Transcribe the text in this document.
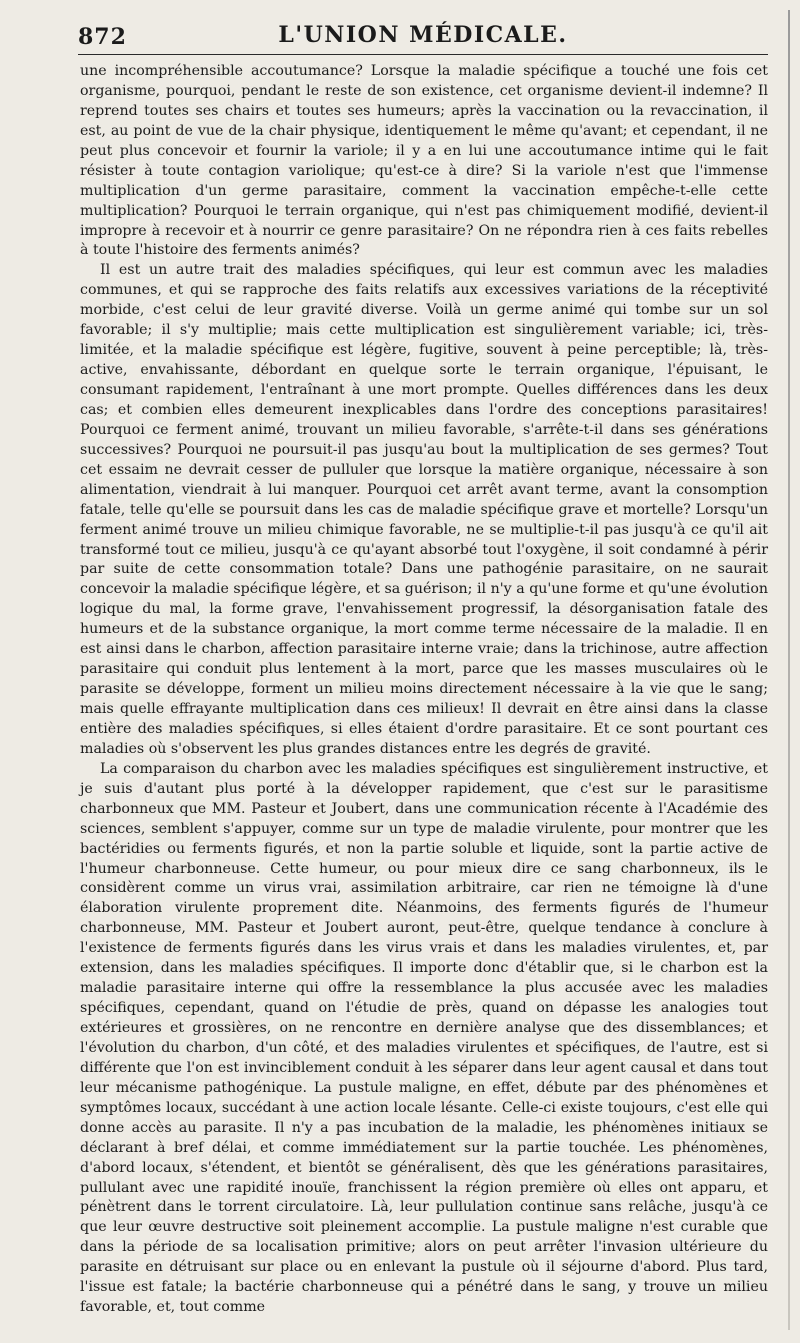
872	L'UNION MÉDICALE.

une incompréhensible accoutumance? Lorsque la maladie spécifique a touché une fois cet organisme, pourquoi, pendant le reste de son existence, cet organisme devient-il indemne? Il reprend toutes ses chairs et toutes ses humeurs; après la vaccination ou la revaccination, il est, au point de vue de la chair physique, identiquement le même qu'avant; et cependant, il ne peut plus concevoir et fournir la variole; il y a en lui une accoutumance intime qui le fait résister à toute contagion variolique; qu'est-ce à dire? Si la variole n'est que l'immense multiplication d'un germe parasitaire, comment la vaccination empêche-t-elle cette multiplication? Pourquoi le terrain organique, qui n'est pas chimiquement modifié, devient-il impropre à recevoir et à nourrir ce genre parasitaire? On ne répondra rien à ces faits rebelles à toute l'histoire des ferments animés?

Il est un autre trait des maladies spécifiques, qui leur est commun avec les maladies communes, et qui se rapproche des faits relatifs aux excessives variations de la réceptivité morbide, c'est celui de leur gravité diverse. Voilà un germe animé qui tombe sur un sol favorable; il s'y multiplie; mais cette multiplication est singulièrement variable; ici, très-limitée, et la maladie spécifique est légère, fugitive, souvent à peine perceptible; là, très-active, envahissante, débordant en quelque sorte le terrain organique, l'épuisant, le consumant rapidement, l'entraînant à une mort prompte. Quelles différences dans les deux cas; et combien elles demeurent inexplicables dans l'ordre des conceptions parasitaires! Pourquoi ce ferment animé, trouvant un milieu favorable, s'arrête-t-il dans ses générations successives? Pourquoi ne poursuit-il pas jusqu'au bout la multiplication de ses germes? Tout cet essaim ne devrait cesser de pulluler que lorsque la matière organique, nécessaire à son alimentation, viendrait à lui manquer. Pourquoi cet arrêt avant terme, avant la consomption fatale, telle qu'elle se poursuit dans les cas de maladie spécifique grave et mortelle? Lorsqu'un ferment animé trouve un milieu chimique favorable, ne se multiplie-t-il pas jusqu'à ce qu'il ait transformé tout ce milieu, jusqu'à ce qu'ayant absorbé tout l'oxygène, il soit condamné à périr par suite de cette consommation totale? Dans une pathogénie parasitaire, on ne saurait concevoir la maladie spécifique légère, et sa guérison; il n'y a qu'une forme et qu'une évolution logique du mal, la forme grave, l'envahissement progressif, la désorganisation fatale des humeurs et de la substance organique, la mort comme terme nécessaire de la maladie. Il en est ainsi dans le charbon, affection parasitaire interne vraie; dans la trichinose, autre affection parasitaire qui conduit plus lentement à la mort, parce que les masses musculaires où le parasite se développe, forment un milieu moins directement nécessaire à la vie que le sang; mais quelle effrayante multiplication dans ces milieux! Il devrait en être ainsi dans la classe entière des maladies spécifiques, si elles étaient d'ordre parasitaire. Et ce sont pourtant ces maladies où s'observent les plus grandes distances entre les degrés de gravité.

La comparaison du charbon avec les maladies spécifiques est singulièrement instructive, et je suis d'autant plus porté à la développer rapidement, que c'est sur le parasitisme charbonneux que MM. Pasteur et Joubert, dans une communication récente à l'Académie des sciences, semblent s'appuyer, comme sur un type de maladie virulente, pour montrer que les bactéridies ou ferments figurés, et non la partie soluble et liquide, sont la partie active de l'humeur charbonneuse. Cette humeur, ou pour mieux dire ce sang charbonneux, ils le considèrent comme un virus vrai, assimilation arbitraire, car rien ne témoigne là d'une élaboration virulente proprement dite. Néanmoins, des ferments figurés de l'humeur charbonneuse, MM. Pasteur et Joubert auront, peut-être, quelque tendance à conclure à l'existence de ferments figurés dans les virus vrais et dans les maladies virulentes, et, par extension, dans les maladies spécifiques. Il importe donc d'établir que, si le charbon est la maladie parasitaire interne qui offre la ressemblance la plus accusée avec les maladies spécifiques, cependant, quand on l'étudie de près, quand on dépasse les analogies tout extérieures et grossières, on ne rencontre en dernière analyse que des dissemblances; et l'évolution du charbon, d'un côté, et des maladies virulentes et spécifiques, de l'autre, est si différente que l'on est invinciblement conduit à les séparer dans leur agent causal et dans tout leur mécanisme pathogénique. La pustule maligne, en effet, débute par des phénomènes et symptômes locaux, succédant à une action locale lésante. Celle-ci existe toujours, c'est elle qui donne accès au parasite. Il n'y a pas incubation de la maladie, les phénomènes initiaux se déclarant à bref délai, et comme immédiatement sur la partie touchée. Les phénomènes, d'abord locaux, s'étendent, et bientôt se généralisent, dès que les générations parasitaires, pullulant avec une rapidité inouïe, franchissent la région première où elles ont apparu, et pénètrent dans le torrent circulatoire. Là, leur pullulation continue sans relâche, jusqu'à ce que leur œuvre destructive soit pleinement accomplie. La pustule maligne n'est curable que dans la période de sa localisation primitive; alors on peut arrêter l'invasion ultérieure du parasite en détruisant sur place ou en enlevant la pustule où il séjourne d'abord. Plus tard, l'issue est fatale; la bactérie charbonneuse qui a pénétré dans le sang, y trouve un milieu favorable, et, tout comme
